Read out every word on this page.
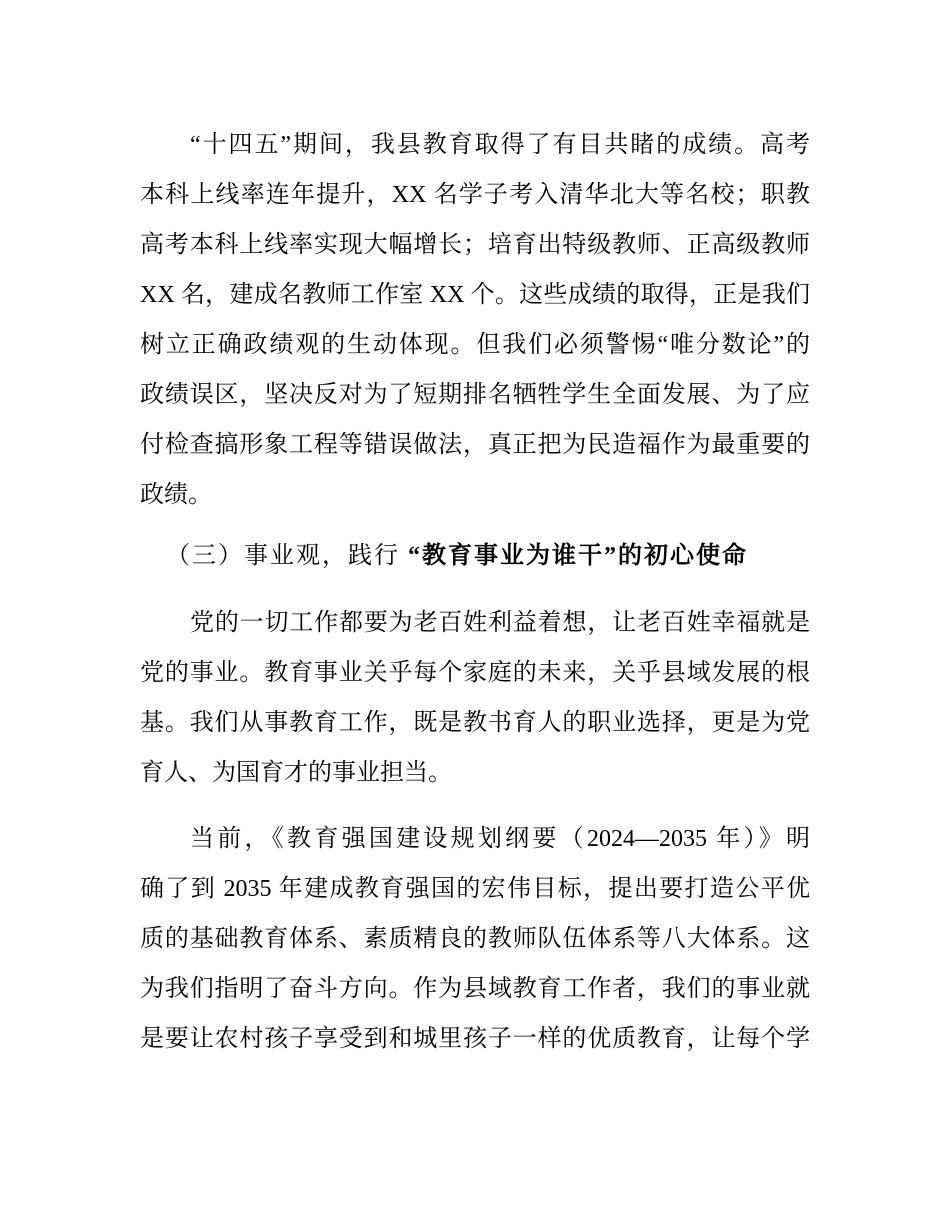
“十四五”期间，我县教育取得了有目共睹的成绩。高考
本科上线率连年提升，XX 名学子考入清华北大等名校；职教
高考本科上线率实现大幅增长；培育出特级教师、正高级教师
XX 名，建成名教师工作室 XX 个。这些成绩的取得，正是我们
树立正确政绩观的生动体现。但我们必须警惕“唯分数论”的
政绩误区，坚决反对为了短期排名牺牲学生全面发展、为了应
付检查搞形象工程等错误做法，真正把为民造福作为最重要的
政绩。
（三）事业观，践行 “教育事业为谁干”的初心使命
党的一切工作都要为老百姓利益着想，让老百姓幸福就是
党的事业。教育事业关乎每个家庭的未来，关乎县域发展的根
基。我们从事教育工作，既是教书育人的职业选择，更是为党
育人、为国育才的事业担当。
当前，《教育强国建设规划纲要（2024—2035 年）》明
确了到 2035 年建成教育强国的宏伟目标，提出要打造公平优
质的基础教育体系、素质精良的教师队伍体系等八大体系。这
为我们指明了奋斗方向。作为县域教育工作者，我们的事业就
是要让农村孩子享受到和城里孩子一样的优质教育，让每个学
